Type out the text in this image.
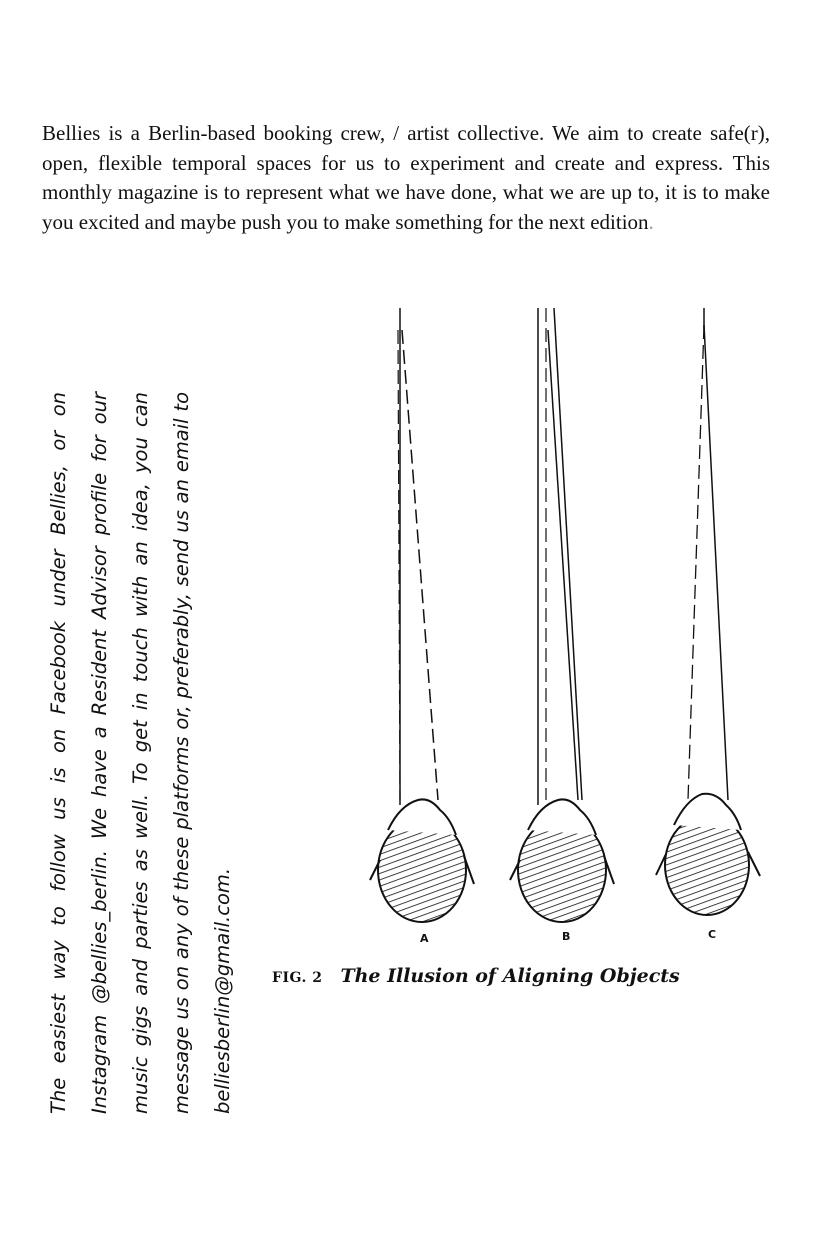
Bellies is a Berlin-based booking crew, / artist collective. We aim to create safe(r), open, flexible temporal spaces for us to experiment and create and express. This monthly magazine is to represent what we have done, what we are up to, it is to make you excited and maybe push you to make something for the next edition.

The easiest way to follow us is on Facebook under Bellies, or on Instagram @bellies_berlin. We have a Resident Advisor profile for our music gigs and parties as well. To get in touch with an idea, you can message us on any of these platforms or, preferably, send us an email to belliesberlin@gmail.com.	A	B	C
FIG. 2 The Illusion of Aligning Objects
